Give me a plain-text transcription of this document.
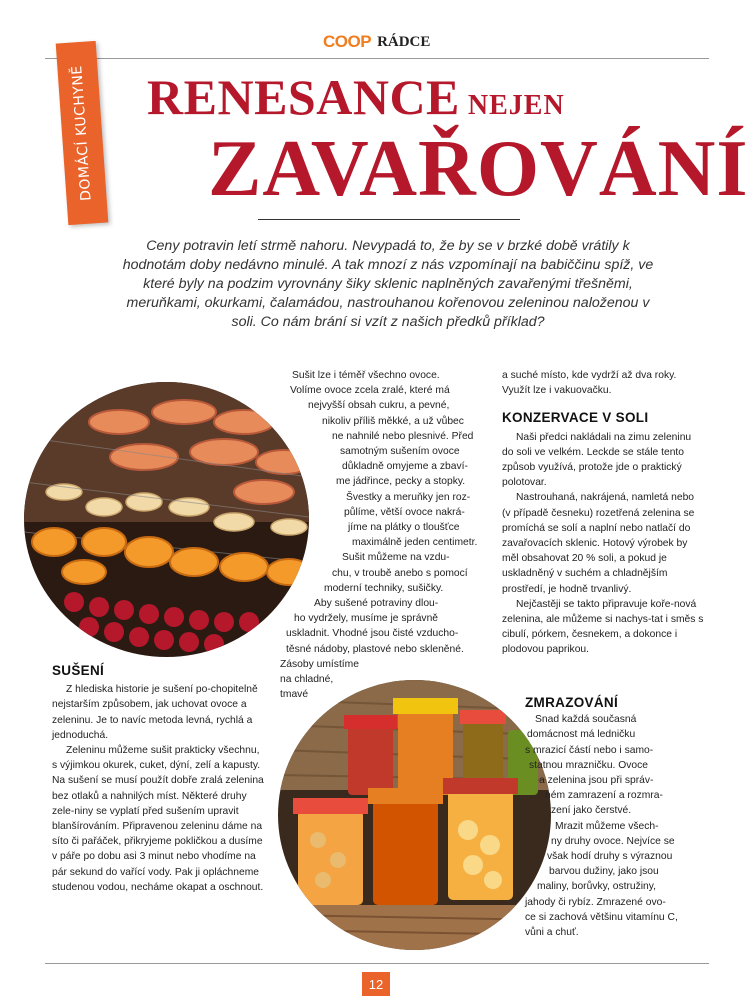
COOP RÁDCE
DOMÁCÍ KUCHYNĚ RENESANCE NEJEN
ZAVAŘOVÁNÍ
Ceny potravin letí strmě nahoru. Nevypadá to, že by se v brzké době vrátily k hodnotám doby nedávno minulé. A tak mnozí z nás vzpomínají na babiččinu spíž, ve které byly na podzim vyrovnány šiky sklenic naplněných zavařenými třešněmi, meruňkami, okurkami, čalamádou, nastrouhanou kořenovou zeleninou naloženou v soli. Co nám brání si vzít z našich předků příklad?
Sušit lze i téměř všechno ovoce.
Volíme ovoce zcela zralé, které má
nejvyšší obsah cukru, a pevné,
nikoliv příliš měkké, a už vůbec
ne nahnilé nebo plesnivé. Před
samotným sušením ovoce
důkladně omyjeme a zbaví-
me jádřince, pecky a stopky.
Švestky a meruňky jen roz-
půlíme, větší ovoce nakrá-
jíme na plátky o tloušťce
maximálně jeden centimetr.
Sušit můžeme na vzdu-
chu, v troubě anebo s pomocí
moderní techniky, sušičky.
Aby sušené potraviny dlou-
ho vydržely, musíme je správně
uskladnit. Vhodné jsou čisté vzducho-
těsné nádoby, plastové nebo skleněné.
Zásoby umístíme
na chladné,
tmavé
SUŠENÍ

Z hlediska historie je sušení po-chopitelně nejstarším způsobem, jak uchovat ovoce a zeleninu. Je to navíc metoda levná, rychlá a jednoduchá.

Zeleninu můžeme sušit prakticky všechnu, s výjimkou okurek, cuket, dýní, zelí a kapusty. Na sušení se musí použít dobře zralá zelenina bez otlaků a nahnilých míst. Některé druhy zele-niny se vyplatí před sušením upravit blanšírováním. Připravenou zeleninu dáme na síto či pařáček, přikryjeme pokličkou a dusíme v páře po dobu asi 3 minut nebo vhodíme na pár sekund do vařící vody. Pak ji opláchneme studenou vodou, necháme okapat a oschnout.

a suché místo, kde vydrží až dva roky. Využít lze i vakuovačku.

KONZERVACE V SOLI

Naši předci nakládali na zimu zeleninu do soli ve velkém. Leckde se stále tento způsob využívá, protože jde o praktický polotovar.

Nastrouhaná, nakrájená, namletá nebo (v případě česneku) rozetřená zelenina se promíchá se solí a naplní nebo natlačí do zavařovacích sklenic. Hotový výrobek by měl obsahovat 20 % soli, a pokud je uskladněný v suchém a chladnějším prostředí, je hodně trvanlivý.

Nejčastěji se takto připravuje kоře-nová zelenina, ale můžeme si nachys-tat i směs s cibulí, pórkem, česnekem, a dokonce i plodovou paprikou.

ZMRAZOVÁNÍ
Snad každá současná
domácnost má ledničku
s mrazicí částí nebo i samo-
statnou mrazničku. Ovoce
a zelenina jsou při správ-
ném zamrazení a rozmra-
zení jako čerstvé.
Mrazit můžeme všech-
ny druhy ovoce. Nejvíce se
však hodí druhy s výraznou
barvou dužiny, jako jsou
maliny, borůvky, ostružiny,
jahody či rybíz. Zmrazené ovo-
ce si zachová většinu vitamínu C,
vůni a chuť.
12
